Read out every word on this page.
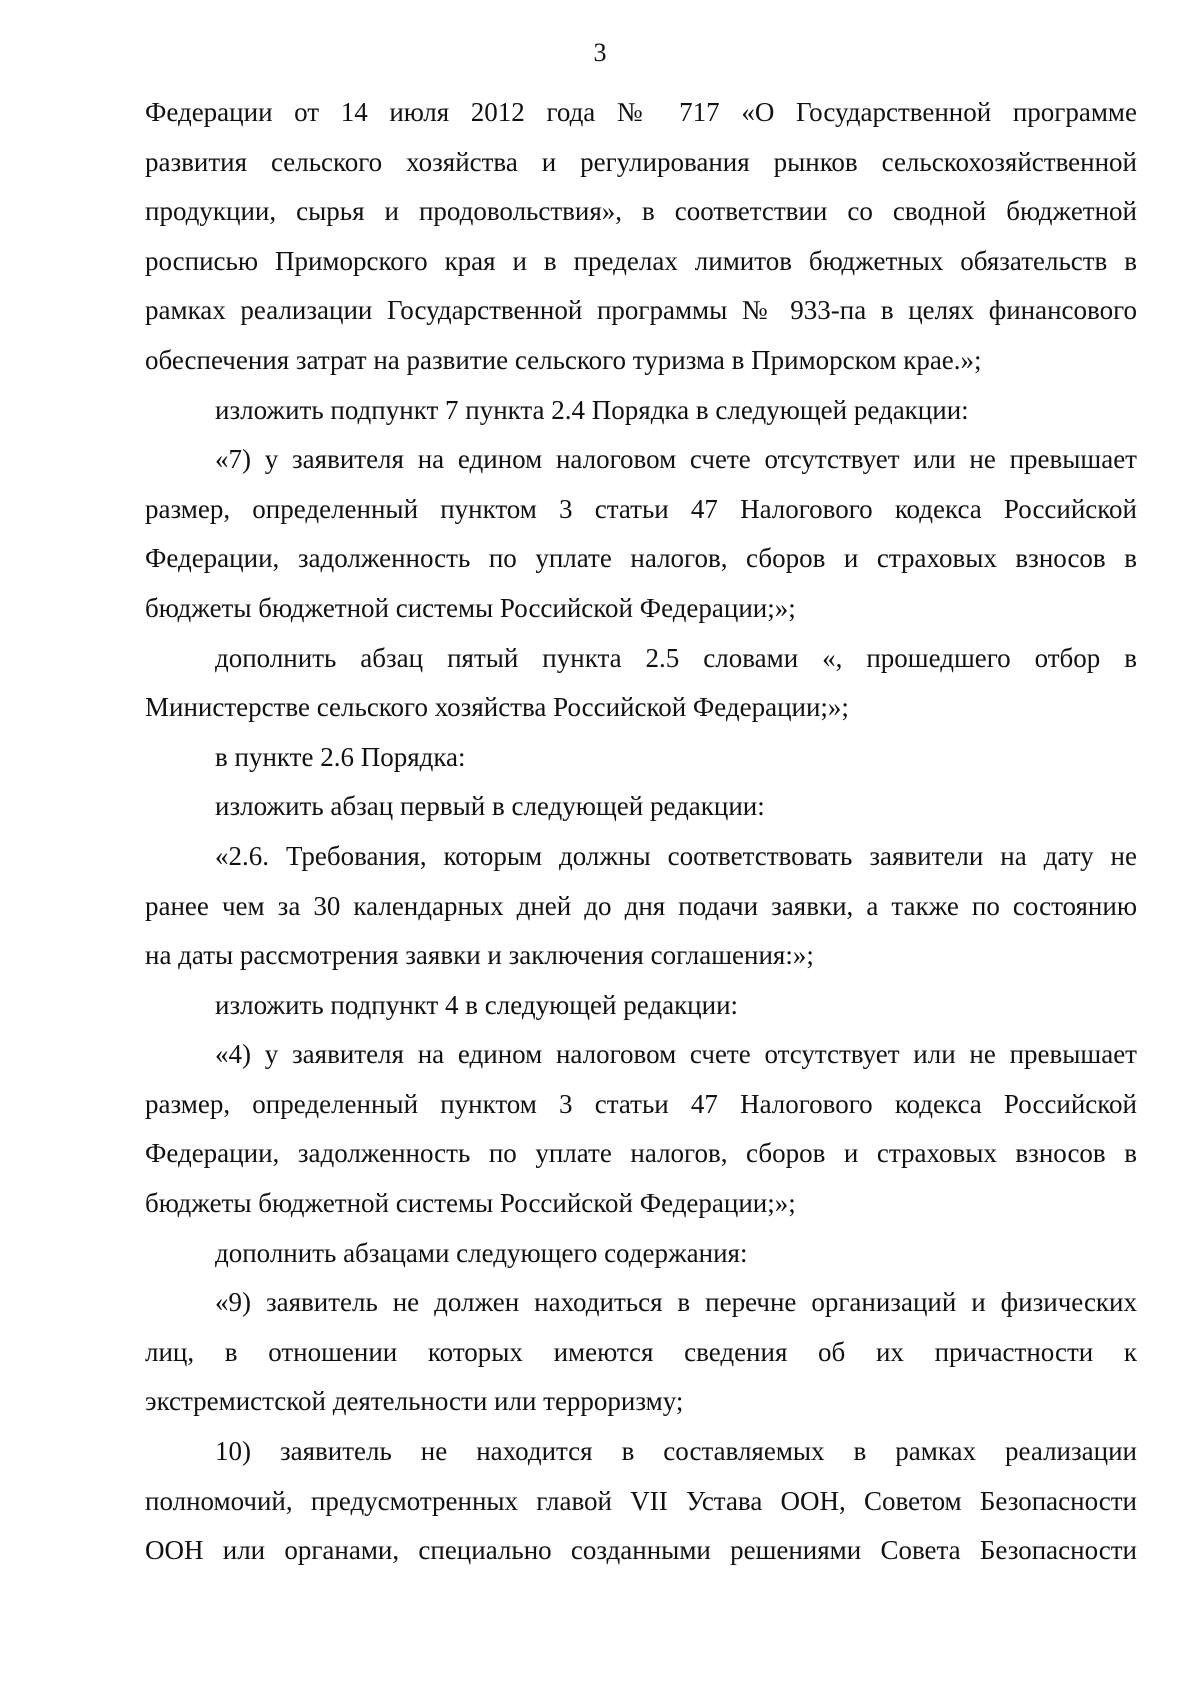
3
Федерации от 14 июля 2012 года № 717 «О Государственной программе
развития сельского хозяйства и регулирования рынков сельскохозяйственной
продукции, сырья и продовольствия», в соответствии со сводной бюджетной
росписью Приморского края и в пределах лимитов бюджетных обязательств в
рамках реализации Государственной программы № 933-па в целях финансового
обеспечения затрат на развитие сельского туризма в Приморском крае.»;
изложить подпункт 7 пункта 2.4 Порядка в следующей редакции:
«7) у заявителя на едином налоговом счете отсутствует или не превышает
размер, определенный пунктом 3 статьи 47 Налогового кодекса Российской
Федерации, задолженность по уплате налогов, сборов и страховых взносов в
бюджеты бюджетной системы Российской Федерации;»;
дополнить абзац пятый пункта 2.5 словами «, прошедшего отбор в
Министерстве сельского хозяйства Российской Федерации;»;
в пункте 2.6 Порядка:
изложить абзац первый в следующей редакции:
«2.6. Требования, которым должны соответствовать заявители на дату не
ранее чем за 30 календарных дней до дня подачи заявки, а также по состоянию
на даты рассмотрения заявки и заключения соглашения:»;
изложить подпункт 4 в следующей редакции:
«4) у заявителя на едином налоговом счете отсутствует или не превышает
размер, определенный пунктом 3 статьи 47 Налогового кодекса Российской
Федерации, задолженность по уплате налогов, сборов и страховых взносов в
бюджеты бюджетной системы Российской Федерации;»;
дополнить абзацами следующего содержания:
«9) заявитель не должен находиться в перечне организаций и физических
лиц, в отношении которых имеются сведения об их причастности к
экстремистской деятельности или терроризму;
10) заявитель не находится в составляемых в рамках реализации
полномочий, предусмотренных главой VII Устава ООН, Советом Безопасности
ООН или органами, специально созданными решениями Совета Безопасности
